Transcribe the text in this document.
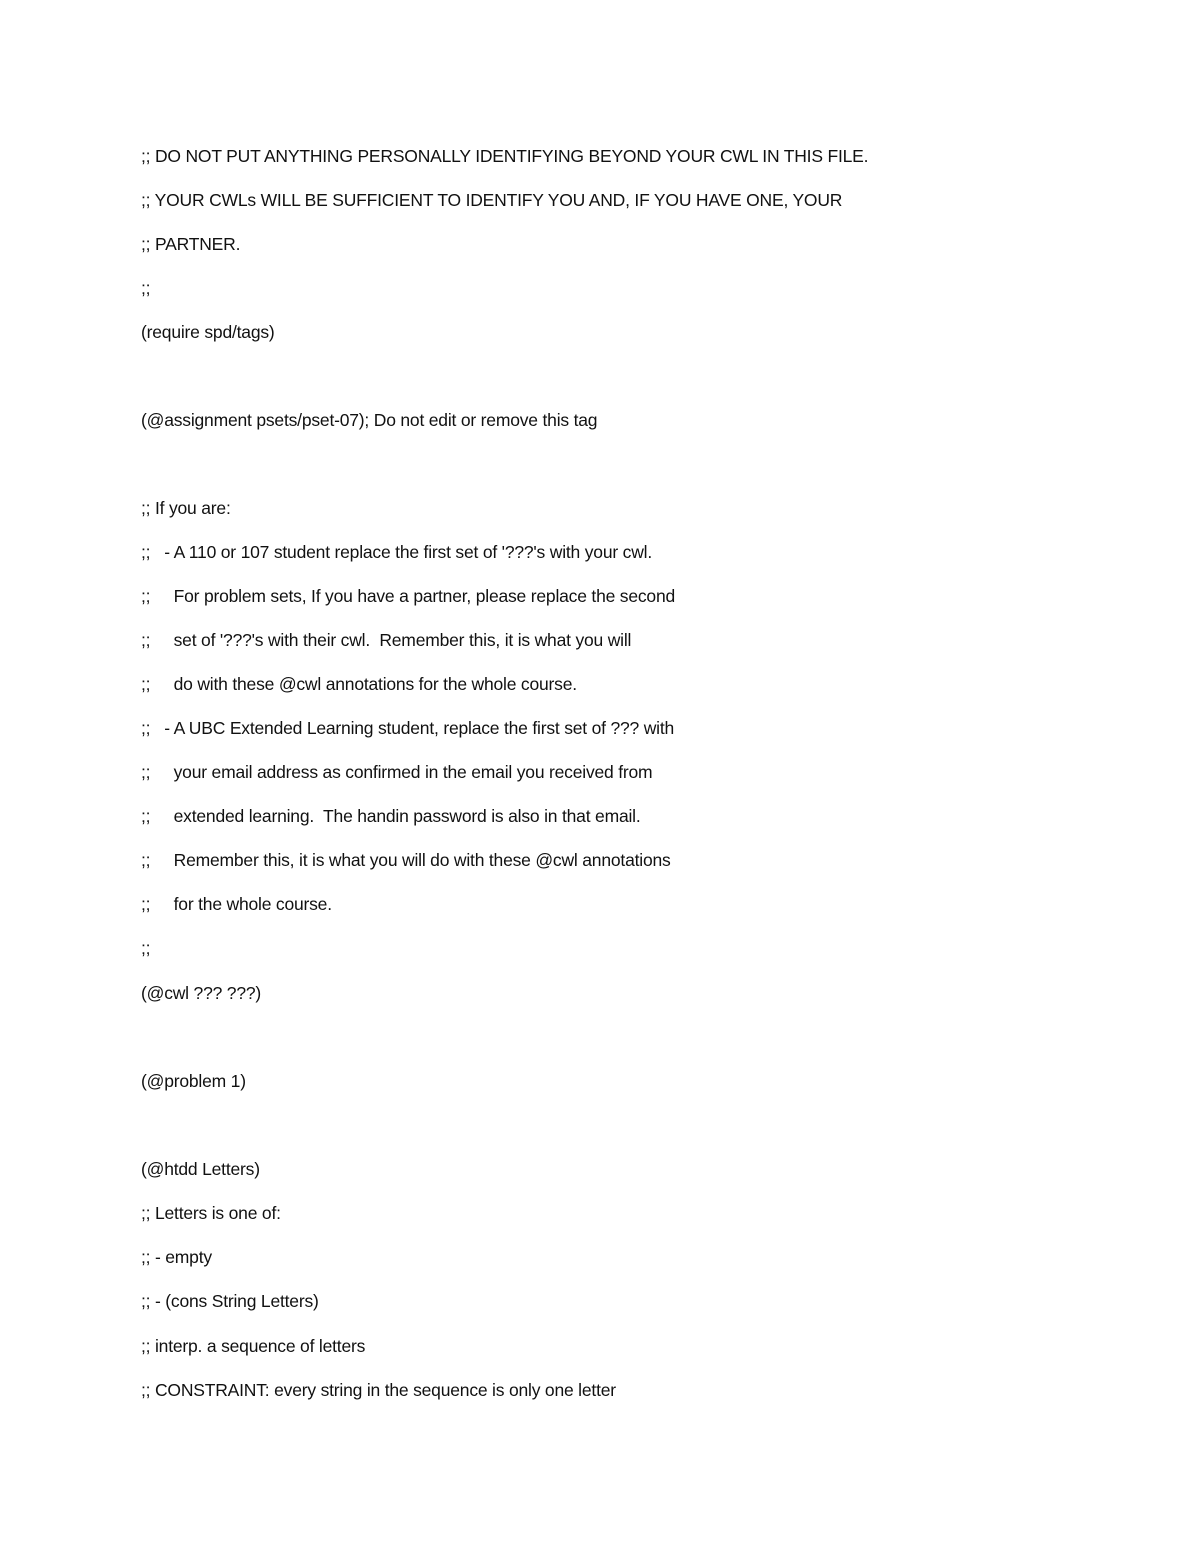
;; DO NOT PUT ANYTHING PERSONALLY IDENTIFYING BEYOND YOUR CWL IN THIS FILE.
;; YOUR CWLs WILL BE SUFFICIENT TO IDENTIFY YOU AND, IF YOU HAVE ONE, YOUR
;; PARTNER.
;;
(require spd/tags)
(@assignment psets/pset-07); Do not edit or remove this tag
;; If you are:
;;   - A 110 or 107 student replace the first set of '???'s with your cwl.
;;     For problem sets, If you have a partner, please replace the second
;;     set of '???'s with their cwl.  Remember this, it is what you will
;;     do with these @cwl annotations for the whole course.
;;   - A UBC Extended Learning student, replace the first set of ??? with
;;     your email address as confirmed in the email you received from
;;     extended learning.  The handin password is also in that email.
;;     Remember this, it is what you will do with these @cwl annotations
;;     for the whole course.
;;
(@cwl ??? ???)
(@problem 1)
(@htdd Letters)
;; Letters is one of:
;; - empty
;; - (cons String Letters)
;; interp. a sequence of letters
;; CONSTRAINT: every string in the sequence is only one letter
